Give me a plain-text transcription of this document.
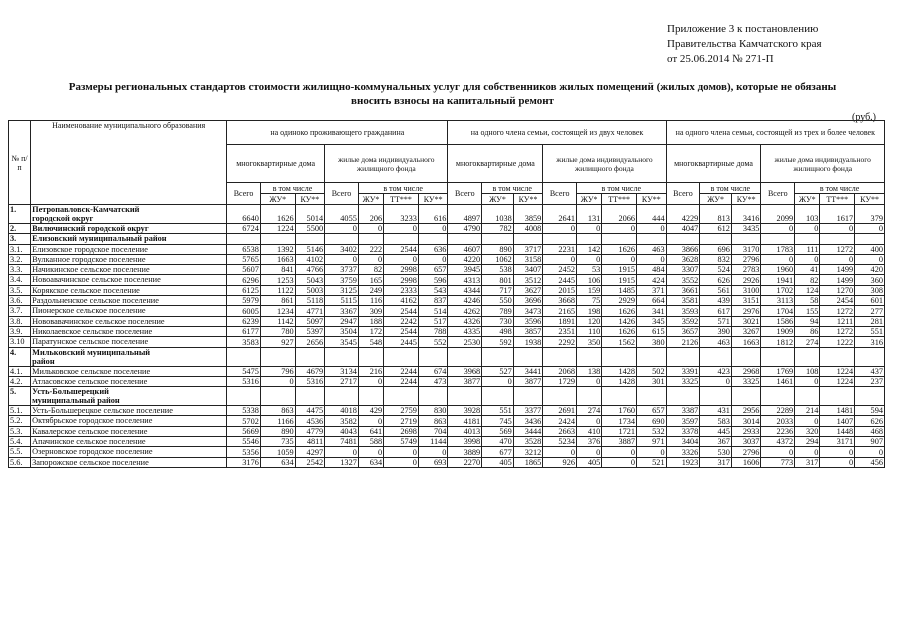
Приложение 3 к постановлению
Правительства Камчатского края
от 25.06.2014 № 271-П
Размеры региональных стандартов стоимости жилищно-коммунальных услуг для собственников жилых помещений (жилых домов), которые не обязаны
вносить взносы на капитальный ремонт
(руб.)
№ п/п	Наименование муниципального образования	на одиноко проживающего гражданина							на одного члена семьи, состоящей из двух человек							на одного члена семьи, состоящей из трех и более человек						
		многоквартирные дома			жилые дома индивидуального жилищного фонда				многоквартирные дома			жилые дома индивидуального жилищного фонда				многоквартирные дома			жилые дома индивидуального жилищного фонда			
		Всего	в том числе		Всего	в том числе			Всего	в том числе		Всего	в том числе			Всего	в том числе		Всего	в том числе		
			ЖУ*	КУ**		ЖУ*	ТТ***	КУ**		ЖУ*	КУ**		ЖУ*	ТТ***	КУ**		ЖУ*	КУ**		ЖУ*	ТТ***	КУ**
1.	Петропавловск-Камчатский
городской округ	6640	1626	5014	4055	206	3233	616	4897	1038	3859	2641	131	2066	444	4229	813	3416	2099	103	1617	379
2.	Вилючинский городской округ	6724	1224	5500	0	0	0	0	4790	782	4008	0	0	0	0	4047	612	3435	0	0	0	0
3.	Елизовский муниципальный район																					

3.1.	Елизовское городское поселение	6538	1392	5146	3402	222	2544	636	4607	890	3717	2231	142	1626	463	3866	696	3170	1783	111	1272	400
3.2.	Вулканное городское поселение	5765	1663	4102	0	0	0	0	4220	1062	3158	0	0	0	0	3628	832	2796	0	0	0	0
3.3.	Начикинское сельское поселение	5607	841	4766	3737	82	2998	657	3945	538	3407	2452	53	1915	484	3307	524	2783	1960	41	1499	420
3.4.	Новоавачинское сельское поселение	6296	1253	5043	3759	165	2998	596	4313	801	3512	2445	106	1915	424	3552	626	2926	1941	82	1499	360
3.5.	Корякское сельское поселение	6125	1122	5003	3125	249	2333	543	4344	717	3627	2015	159	1485	371	3661	561	3100	1702	124	1270	308
3.6.	Раздольненское сельское поселение	5979	861	5118	5115	116	4162	837	4246	550	3696	3668	75	2929	664	3581	439	3151	3113	58	2454	601
3.7.	Пионерское сельское поселение	6005	1234	4771	3367	309	2544	514	4262	789	3473	2165	198	1626	341	3593	617	2976	1704	155	1272	277
3.8.	Нововавачинское сельское поселение	6239	1142	5097	2947	188	2242	517	4326	730	3596	1891	120	1426	345	3592	571	3021	1586	94	1211	281
3.9.	Николаевское сельское поселение	6177	780	5397	3504	172	2544	788	4335	498	3857	2351	110	1626	615	3657	390	3267	1909	86	1272	551
3.10	Паратунское сельское поселение	3583	927	2656	3545	548	2445	552	2530	592	1938	2292	350	1562	380	2126	463	1663	1812	274	1222	316
4.	Мильковский муниципальный
район																					

4.1.	Мильковское сельское поселение	5475	796	4679	3134	216	2244	674	3968	527	3441	2068	138	1428	502	3391	423	2968	1769	108	1224	437
4.2.	Атласовское сельское поселение	5316	0	5316	2717	0	2244	473	3877	0	3877	1729	0	1428	301	3325	0	3325	1461	0	1224	237
5.	Усть-Большерецкий
муниципальный район																					

5.1.	Усть-Большерецкое сельское поселение	5338	863	4475	4018	429	2759	830	3928	551	3377	2691	274	1760	657	3387	431	2956	2289	214	1481	594
5.2.	Октябрьское городское поселение	5702	1166	4536	3582	0	2719	863	4181	745	3436	2424	0	1734	690	3597	583	3014	2033	0	1407	626
5.3.	Кавалерское сельское поселение	5669	890	4779	4043	641	2698	704	4013	569	3444	2663	410	1721	532	3378	445	2933	2236	320	1448	468
5.4.	Апачинское сельское поселение	5546	735	4811	7481	588	5749	1144	3998	470	3528	5234	376	3887	971	3404	367	3037	4372	294	3171	907
5.5.	Озерновское городское поселение	5356	1059	4297	0	0	0	0	3889	677	3212	0	0	0	0	3326	530	2796	0	0	0	0
5.6.	Запорожское сельское поселение	3176	634	2542	1327	634	0	693	2270	405	1865	926	405	0	521	1923	317	1606	773	317	0	456
